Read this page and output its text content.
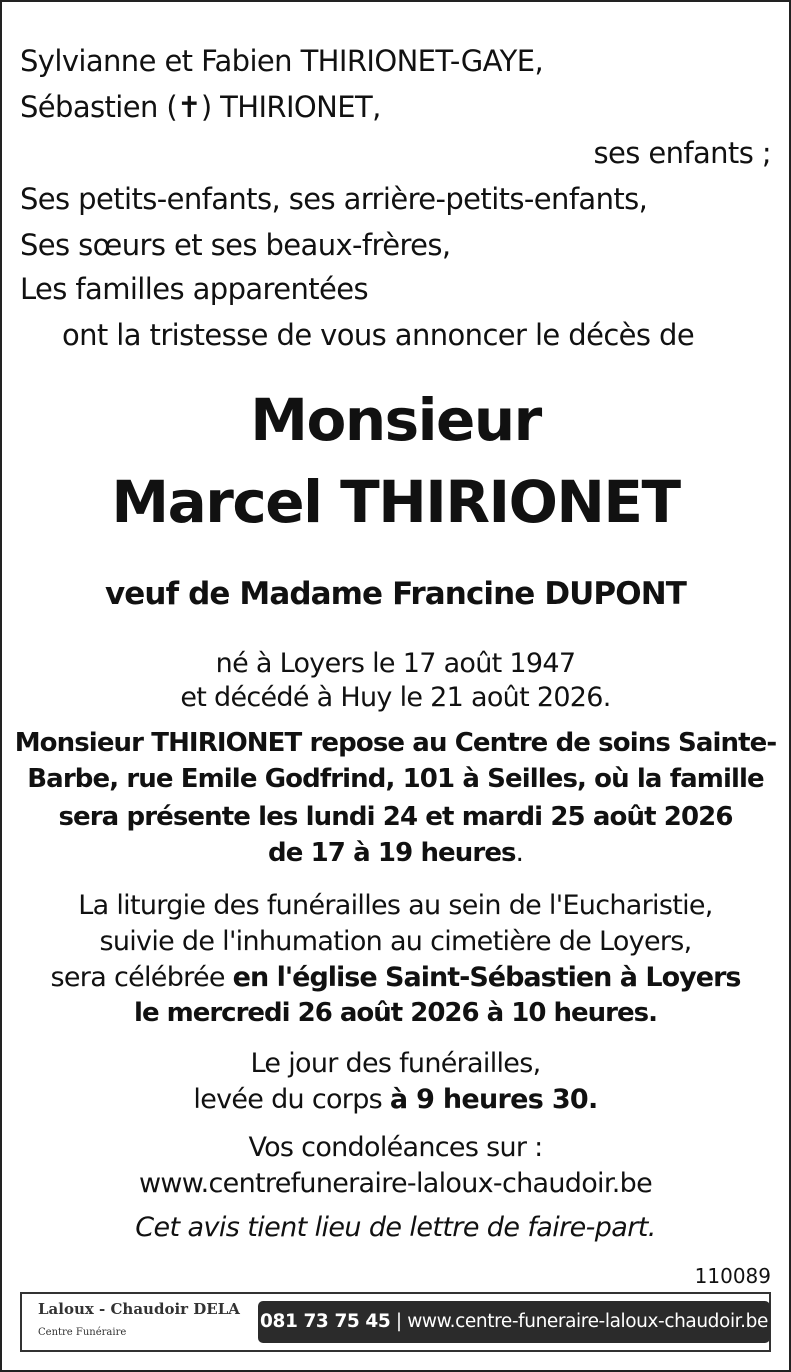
Sylvianne et Fabien THIRIONET-GAYE,
Sébastien (✝) THIRIONET,
ses enfants ;
Ses petits-enfants, ses arrière-petits-enfants,
Ses sœurs et ses beaux-frères,
Les familles apparentées
ont la tristesse de vous annoncer le décès de
Monsieur
Marcel THIRIONET
veuf de Madame Francine DUPONT
né à Loyers le 17 août 1947
et décédé à Huy le 21 août 2026.
Monsieur THIRIONET repose au Centre de soins Sainte-
Barbe, rue Emile Godfrind, 101 à Seilles, où la famille
sera présente les lundi 24 et mardi 25 août 2026
de 17 à 19 heures.
La liturgie des funérailles au sein de l'Eucharistie,
suivie de l'inhumation au cimetière de Loyers,
sera célébrée en l'église Saint-Sébastien à Loyers
le mercredi 26 août 2026 à 10 heures.
Le jour des funérailles,
levée du corps à 9 heures 30.
Vos condoléances sur :
www.centrefuneraire-laloux-chaudoir.be
Cet avis tient lieu de lettre de faire-part.
110089
Laloux - Chaudoir DELA
Centre Funéraire
081 73 75 45 | www.centre-funeraire-laloux-chaudoir.be
